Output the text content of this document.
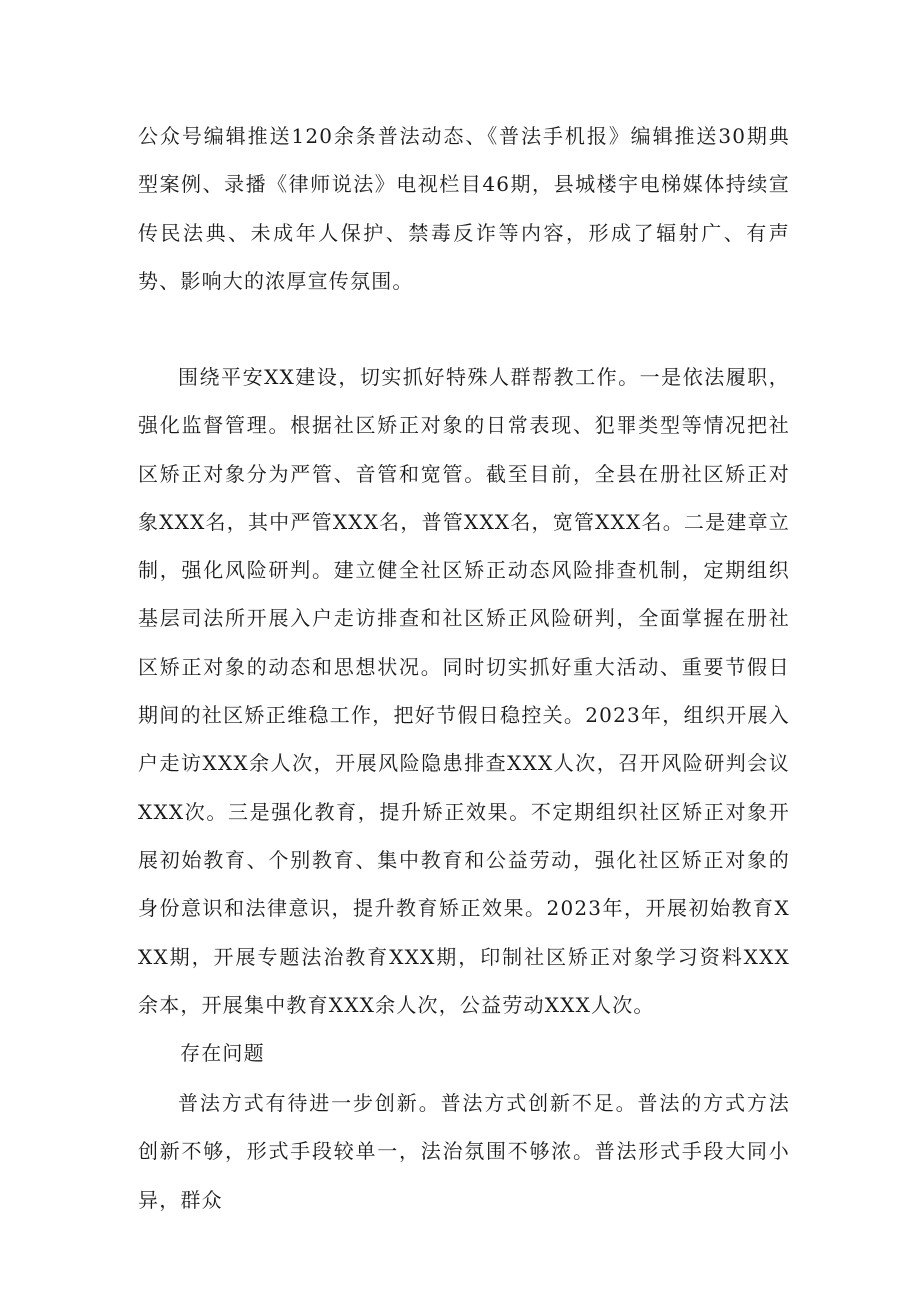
公众号编辑推送120余条普法动态、《普法手机报》编辑推送30期典型案例、录播《律师说法》电视栏目46期，县城楼宇电梯媒体持续宣传民法典、未成年人保护、禁毒反诈等内容，形成了辐射广、有声势、影响大的浓厚宣传氛围。

围绕平安XX建设，切实抓好特殊人群帮教工作。一是依法履职，强化监督管理。根据社区矫正对象的日常表现、犯罪类型等情况把社区矫正对象分为严管、音管和宽管。截至目前，全县在册社区矫正对象XXX名，其中严管XXX名，普管XXX名，宽管XXX名。二是建章立制，强化风险研判。建立健全社区矫正动态风险排查机制，定期组织基层司法所开展入户走访排查和社区矫正风险研判，全面掌握在册社区矫正对象的动态和思想状况。同时切实抓好重大活动、重要节假日期间的社区矫正维稳工作，把好节假日稳控关。2023年，组织开展入户走访XXX余人次，开展风险隐患排查XXX人次，召开风险研判会议XXX次。三是强化教育，提升矫正效果。不定期组织社区矫正对象开展初始教育、个别教育、集中教育和公益劳动，强化社区矫正对象的身份意识和法律意识，提升教育矫正效果。2023年，开展初始教育XXX期，开展专题法治教育XXX期，印制社区矫正对象学习资料XXX余本，开展集中教育XXX余人次，公益劳动XXX人次。

存在问题

普法方式有待进一步创新。普法方式创新不足。普法的方式方法创新不够，形式手段较单一，法治氛围不够浓。普法形式手段大同小异，群众
